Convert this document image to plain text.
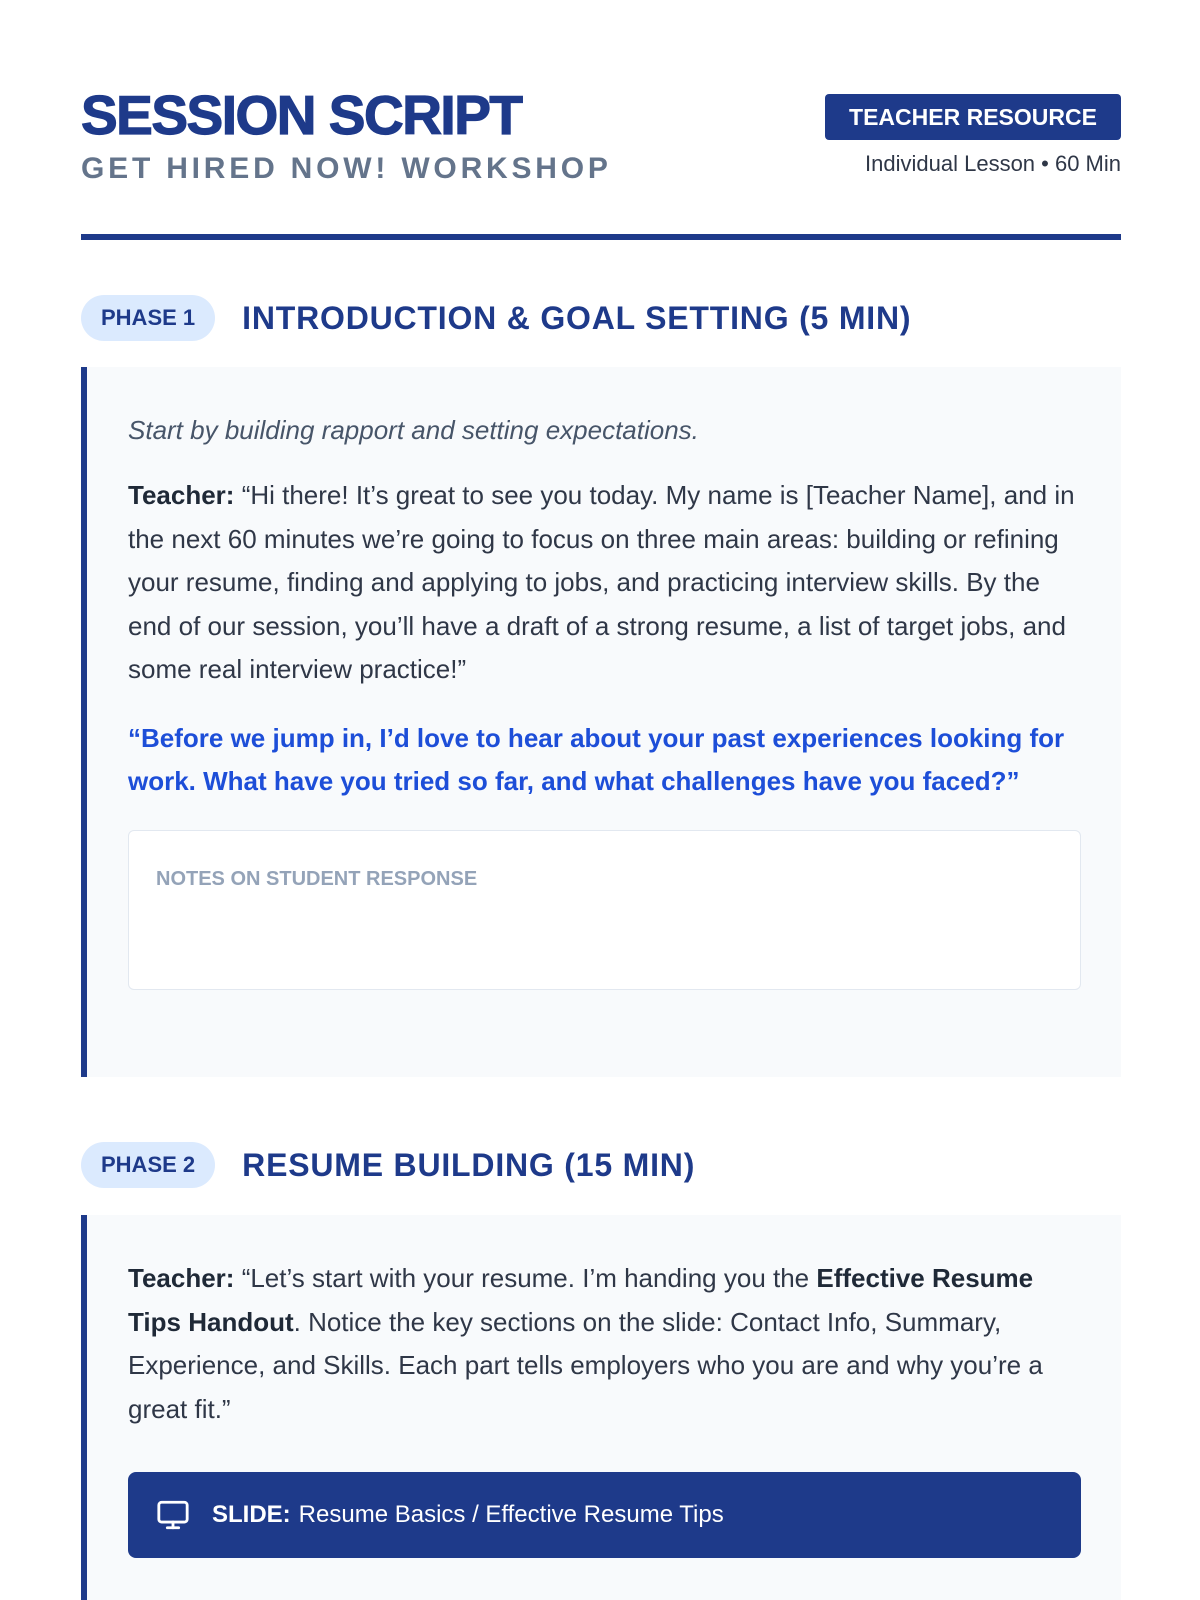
SESSION SCRIPT
GET HIRED NOW! WORKSHOP
TEACHER RESOURCE
Individual Lesson • 60 Min
PHASE 1	INTRODUCTION & GOAL SETTING (5 MIN)

Start by building rapport and setting expectations.

Teacher: “Hi there! It’s great to see you today. My name is [Teacher Name], and in the next 60 minutes we’re going to focus on three main areas: building or refining your resume, finding and applying to jobs, and practicing interview skills. By the end of our session, you’ll have a draft of a strong resume, a list of target jobs, and some real interview practice!”

“Before we jump in, I’d love to hear about your past experiences looking for work. What have you tried so far, and what challenges have you faced?”

NOTES ON STUDENT RESPONSE
PHASE 2	RESUME BUILDING (15 MIN)

Teacher: “Let’s start with your resume. I’m handing you the Effective Resume Tips Handout. Notice the key sections on the slide: Contact Info, Summary, Experience, and Skills. Each part tells employers who you are and why you’re a great fit.”

SLIDE: Resume Basics / Effective Resume Tips
